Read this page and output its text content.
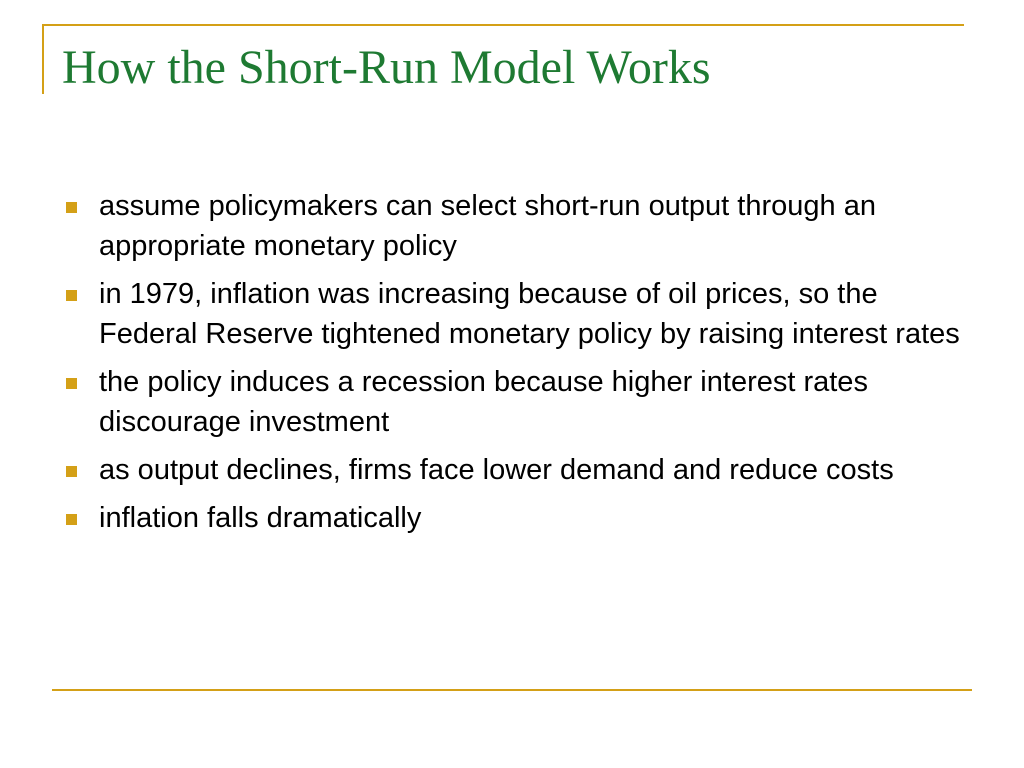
How the Short-Run Model Works
assume policymakers can select short-run output through an appropriate monetary policy
in 1979, inflation was increasing because of oil prices, so the Federal Reserve tightened monetary policy by raising interest rates
the policy induces a recession because higher interest rates discourage investment
as output declines, firms face lower demand and reduce costs
inflation falls dramatically
